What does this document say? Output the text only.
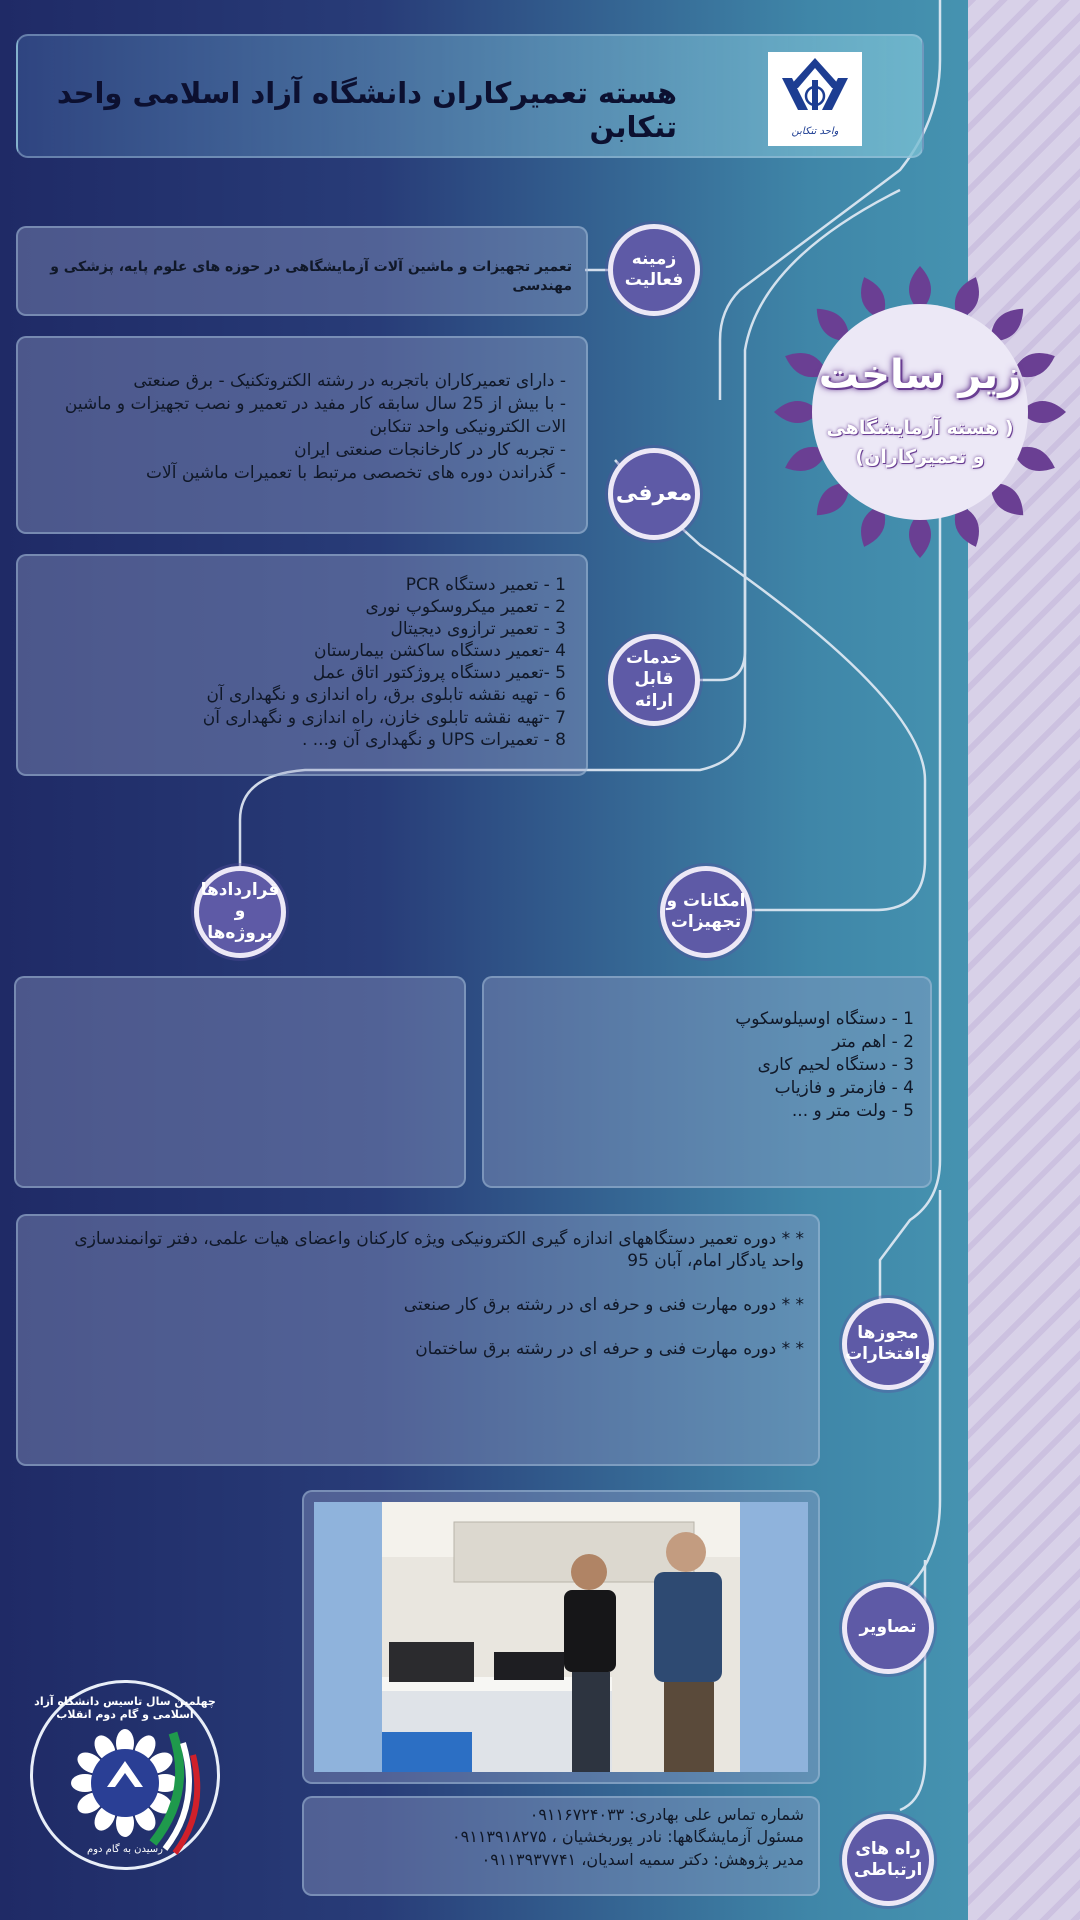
هسته تعمیرکاران دانشگاه آزاد اسلامی واحد تنکابن	واحد تنکابن
زیر ساخت
( هسته آزمایشگاهی
و تعمیرکاران)
تعمیر تجهیزات و ماشین آلات آزمایشگاهی در حوزه های علوم پایه، پزشکی و مهندسی
زمینه
فعالیت
- دارای تعمیرکاران باتجربه در رشته الکتروتکنیک - برق صنعتی
- با بیش از 25 سال سابقه کار مفید در تعمیر و نصب تجهیزات و ماشین الات الکترونیکی واحد تنکابن
- تجربه کار در کارخانجات صنعتی ایران
- گذراندن دوره های تخصصی مرتبط با تعمیرات ماشین آلات
معرفی
1 - تعمیر دستگاه PCR
2 - تعمیر میکروسکوپ نوری
3 - تعمیر ترازوی دیجیتال
4 -تعمیر دستگاه ساکشن بیمارستان
5 -تعمیر دستگاه پروژکتور اتاق عمل
6 - تهیه نقشه تابلوی برق، راه اندازی و نگهداری آن
7 -تهیه نقشه تابلوی خازن، راه اندازی و نگهداری آن
8 - تعمیرات UPS و نگهداری آن و... .
خدمات
قابل ارائه
قراردادها و
پروژه‌ها
امکانات و
تجهیزات
1 - دستگاه اوسیلوسکوپ
2 - اهم متر
3 - دستگاه لحیم کاری
4 - فازمتر و فازیاب
5 - ولت متر و ...
* * دوره تعمیر دستگاههای اندازه گیری الکترونیکی ویژه کارکنان واعضای هیات علمی، دفتر توانمندسازی واحد یادگار امام، آبان 95

* * دوره مهارت فنی و حرفه ای در رشته برق کار صنعتی

* * دوره مهارت فنی و حرفه ای در رشته برق ساختمان
مجوزها
وافتخارات
تصاویر
شماره تماس علی بهادری: ۰۹۱۱۶۷۲۴۰۳۳
مسئول آزمایشگاهها: نادر پوربخشیان ، ۰۹۱۱۳۹۱۸۲۷۵
مدیر پژوهش: دکتر سمیه اسدیان، ۰۹۱۱۳۹۳۷۷۴۱
راه های
ارتباطی
چهلمین سال تاسیس دانشگاه آزاد اسلامی و گام دوم انقلاب
رسیدن به گام دوم
